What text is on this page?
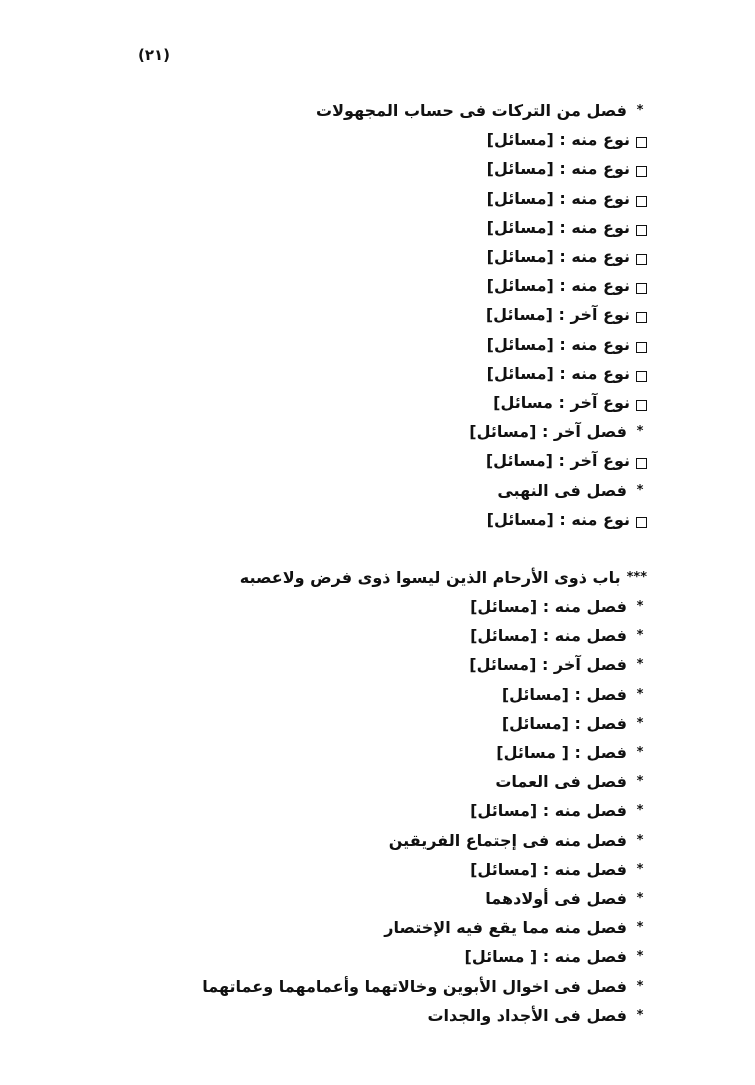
(٢١)
*
فصل من التركات فى حساب المجهولات
نوع منه : [مسائل]
نوع منه : [مسائل]
نوع منه : [مسائل]
نوع منه : [مسائل]
نوع منه : [مسائل]
نوع منه : [مسائل]
نوع آخر : [مسائل]
نوع منه : [مسائل]
نوع منه : [مسائل]
نوع آخر : مسائل]
*
فصل آخر : [مسائل]
نوع آخر : [مسائل]
*
فصل فى النهبى
نوع منه : [مسائل]
***
باب ذوى الأرحام الذين ليسوا ذوى فرض ولاعصبه
*
فصل منه : [مسائل]
*
فصل منه : [مسائل]
*
فصل آخر : [مسائل]
*
فصل : [مسائل]
*
فصل : [مسائل]
*
فصل : [ مسائل]
*
فصل فى العمات
*
فصل منه : [مسائل]
*
فصل منه فى إجتماع الفريقين
*
فصل منه : [مسائل]
*
فصل فى أولادهما
*
فصل منه مما يقع فيه الإختصار
*
فصل منه : [ مسائل]
*
فصل فى اخوال الأبوين وخالاتهما وأعمامهما وعماتهما
*
فصل فى الأجداد والجدات
